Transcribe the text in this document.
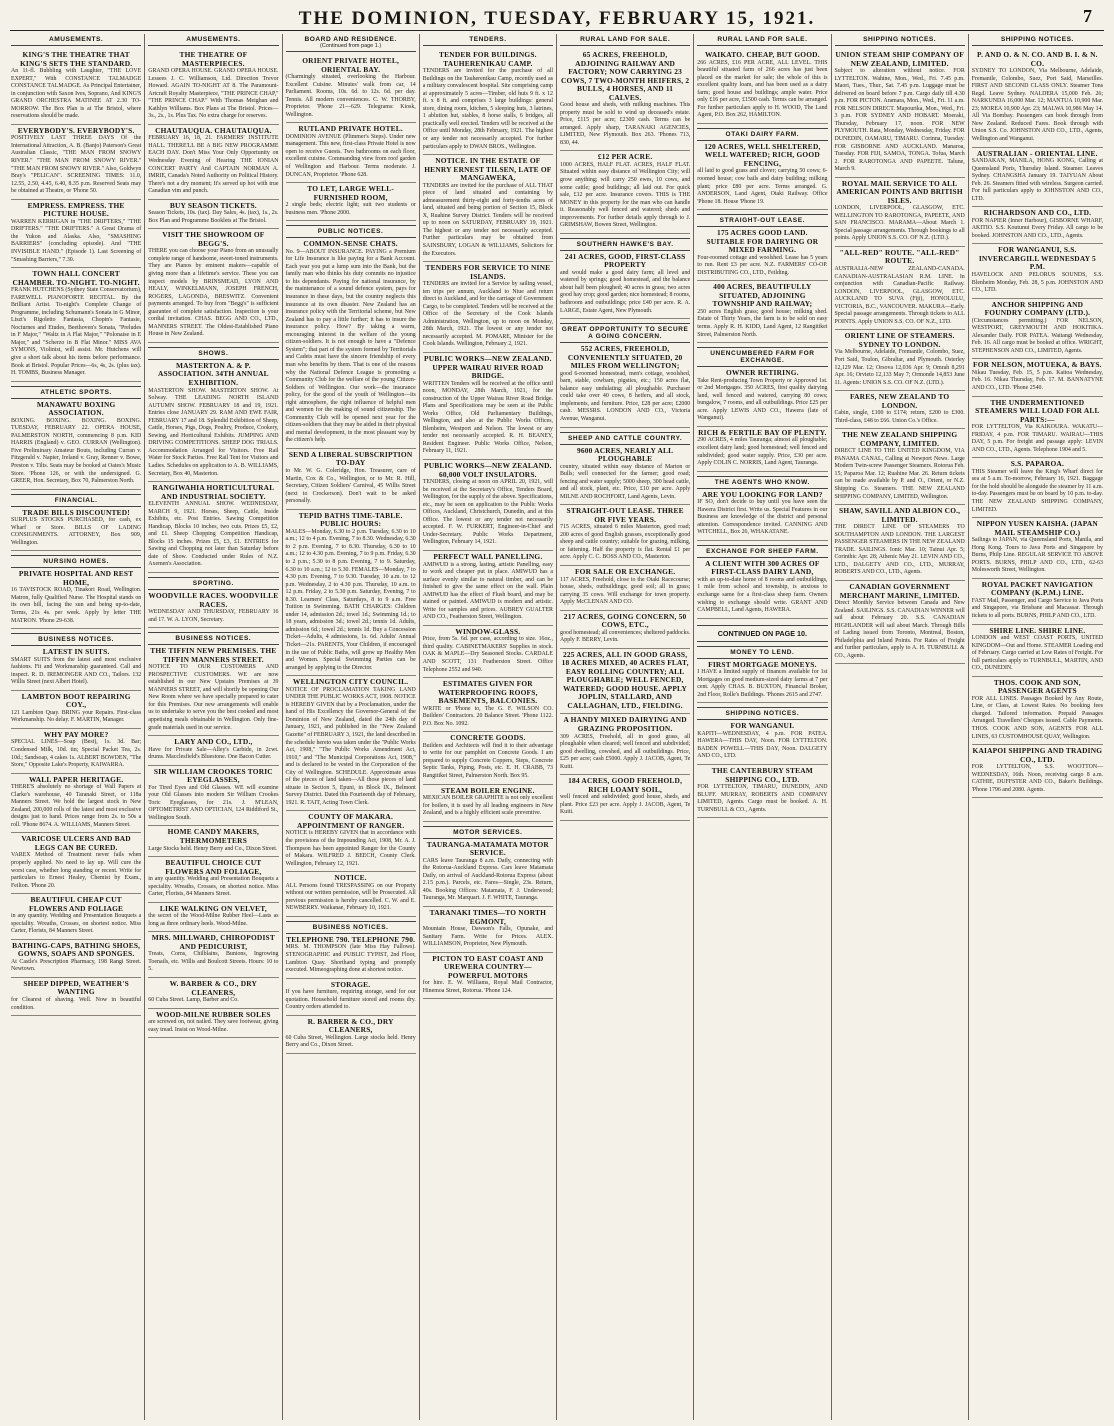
THE DOMINION, TUESDAY, FEBRUARY 15, 1921.	7
AMUSEMENTS.
KING'S THE THEATRE THAT KING'S SETS THE STANDARD.
An 11-fl. Bubbling with Laughter, "THE LOVE EXPERT," With CONSTANCE TALMADGE CONSTANCE TALMADGE. As Principal Entertainer, in conjunction with Saxon Ives, Soprano, And KING'S GRAND ORCHESTRA MATINEE AT 2.30 TO-MORROW. The Box Plan is at The Bristol, where reservations should be made.
EVERYBODY'S. EVERYBODY'S.
POSITIVELY LAST THREE DAYS Of the International Attraction, A. B. (Banjo) Paterson's Great Australian Classic, "THE MAN FROM SNOWY RIVER." "THE MAN FROM SNOWY RIVER." "THE MAN FROM SNOWY RIVER." Also, Goldwyn Bray's "PELICAN". SCREENING TIMES: 11.0, 12.55, 2.50, 4.45, 6.40, 8.35 p.m. Reserved Seats may be obtained at Theatre, or 'Phone 50.
EMPRESS. EMPRESS. THE PICTURE HOUSE.
WARREN KERRIGAN in "THE DRIFTERS," "THE DRIFTERS." "THE DRIFTERS." A Great Drama of the Yukon and Alaska. Also, "SMASHING BARRIERS" (concluding episode). And "THE INVISIBLE HAND." (Episode 1). Last Screening of "Smashing Barriers," 7.30.
TOWN HALL CONCERT CHAMBER. TO-NIGHT. TO-NIGHT.
FRANK HUTCHENS (Sydney State Conservatorium), FAREWELL PIANOFORTE RECITAL. By the Brilliant Artist. To-night's Complete Change of Programme, including Schumann's Sonata in G Minor, Liszt's Rigoletto Fantasia, Chopin's Fantasie, Nocturnes and Etudes, Beethoven's Sonata, "Preludes in F Major," "Waltz in A Flat Major," "Polonaise in E Major," and "Scherzo in B Flat Minor." MISS AVA SYMONS, Violinist, will assist. Mr. Hutchens will give a short talk about his items before performance. Book at Bristol. Popular Prices—6s, 4s, 2s. (plus tax). H. TOMBS, Business Manager.
ATHLETIC SPORTS.
MANAWATU BOXING ASSOCIATION.
BOXING. BOXING. BOXING. BOXING. TUESDAY, FEBRUARY 22. OPERA HOUSE, PALMERSTON NORTH, commencing 8 p.m. KID HARRIS (England) v. GEO. CURRAN (Wellington). Five Preliminary Amateur Bouts, including Curran v. Fitzgerald v. Napier, Ireland v. Gray, Renner v. Bowe, Preston v. Tilts. Seats may be booked at Oates's Music Store. 'Phone 126, or with the undersigned. G. GREER, Hon. Secretary, Box 70, Palmerston North.
FINANCIAL.
TRADE BILLS DISCOUNTED!
SURPLUS STOCKS PURCHASED, for cash, ex Wharf or Store. BILLS OF LADING CONSIGNMENTS. ATTORNEY, Box 909, Wellington.
NURSING HOMES.
PRIVATE HOSPITAL AND REST HOME,
16 TAVISTOCK ROAD, Tinakori Road, Wellington. Matron, fully Qualified Nurse. The Hospital stands on its own hill, facing the sun and being up-to-date, Terms, 21s 4s. per week. Apply by letter THE MATRON. 'Phone 29-638.
BUSINESS NOTICES.
LATEST IN SUITS.
SMART SUITS from the latest and most exclusive fashions. Fit and Workmanship guaranteed. Call and inspect. R. D. IREMONGER AND CO., Tailors. 132 Willis Street (next Albert Hotel).
LAMBTON BOOT REPAIRING COY.,
121 Lambton Quay. BRING your Repairs. First-class Workmanship. No delay. F. MARTIN, Manager.
WHY PAY MORE?
SPECIAL LINES—Soap (Best), 1s. 3d. Bar; Condensed Milk, 10d. tin; Special Packet Tea, 2s. 10d.; Sandsoap, 4 cakes 1s. ALBERT BOWDEN, "The Store," Opposite Lake's Property, KAIWARRA.
WALL PAPER HERITAGE.
THERE'S absolutely no shortage of Wall Papers at Clarke's warehouse, 40 Taranaki Street, or 118a Manners Street. We hold the largest stock in New Zealand, 200,000 rolls of the latest and most exclusive designs just to hand. Prices range from 2s. to 50s a roll. 'Phone 8674. A. WILLIAMS, Manners Street.
VARICOSE ULCERS AND BAD LEGS CAN BE CURED.
VAREX Method of Treatment never fails when properly applied. No need to lay up. Will cure the worst case, whether long standing or recent. Write for particulars to Ernest Healey, Chemist by Exam., Feilton. 'Phone 20.
BEAUTIFUL CHEAP CUT FLOWERS AND FOLIAGE
in any quantity. Wedding and Presentation Bouquets a speciality. Wreaths, Crosses, on shortest notice. Miss Carter, Florists, 84 Manners Street.
BATHING-CAPS, BATHING SHOES, GOWNS, SOAPS AND SPONGES.
At Castle's Prescription Pharmacy, 198 Rangi Street. Newtown.
SHEEP DIPPED, WEATHER'S WANTING
for Clearest of shaving. Well. Now in beautiful condition.
AMUSEMENTS.
THE THEATRE OF MASTERPIECES.
GRAND OPERA HOUSE. GRAND OPERA HOUSE. Lessees J. C. Williamson, Ltd. Direction Trevor Howard. AGAIN TO-NIGHT AT 8. The Paramount-Artcraft Royalty Masterpiece, "THE PRINCE CHAP," "THE PRINCE CHAP." With Thomas Meighan and Kathlyn Williams. Box Plans at The Bristol. Prices—3s., 2s., 1s. Plus Tax. No extra charge for reserves.
CHAUTAUQUA. CHAUTAUQUA.
FEBRUARY 16, 18, 21. FARMERS' INSTITUTE HALL. THERE'LL BE A BIG NEW PROGRAMME EACH DAY. Don't Miss Your Only Opportunity on Wednesday Evening of Hearing THE IONIAN CONCERT PARTY And CAPTAIN NORMAN A. IMRIE, Canada's Noted Authority on Political History. There's not a dry moment; It's served up hot with true Canadian vim and punch.
BUY SEASON TICKETS.
Season Tickets, 10s. (tax). Day Sales, 4s. (tax), 1s., 2s. Box Plan and Programme Booklets at The Bristol.
VISIT THE SHOWROOM OF BEGG'S.
THERE you can choose your Piano from an unusually complete range of handsome, sweet-toned instruments. They are Pianos by eminent makers—capable of giving more than a lifetime's service. These you can inspect models by BRINSMEAD, LYON AND HEALY, WINKELMANN, JOSEPH FRENCH, ROGERS, LAGONDA, BRESWITZ. Convenient payments arranged. To buy from "Begg's" is sufficient guarantee of complete satisfaction. Inspection is your cordial invitation. CHAS. BEGG AND CO., LTD., MANNERS STREET. The Oldest-Established Piano House in New Zealand.
SHOWS.
MASTERTON A. & P. ASSOCIATION. 34TH ANNUAL EXHIBITION.
MASTERTON SHOW. MASTERTON SHOW. At Solway. THE LEADING NORTH ISLAND AUTUMN SHOW. FEBRUARY 18 and 19, 1921. Entries close JANUARY 29. RAM AND EWE FAIR, FEBRUARY 17 and 18. Splendid Exhibition of Sheep, Cattle, Horses, Pigs, Dogs, Poultry, Produce, Cookery, Sewing, and Horticultural Exhibits. JUMPING AND DRIVING COMPETITIONS. SHEEP DOG TRIALS. Accommodation Arranged for Visitors. Free Rail Water for Stock Parties. Free Rail Tent for Visitors and Ladies. Schedules on application to A. B. WILLIAMS, Secretary, Box 40, Masterton.
RANGIWAHIA HORTICULTURAL AND INDUSTRIAL SOCIETY.
ELEVENTH ANNUAL SHOW. WEDNESDAY, MARCH 9, 1921. Horses, Sheep, Cattle, Inside Exhibits, etc. Post Entries. Sawing Competition Handicap, Blocks 10 inches, two cuts. Prizes £5, £2, and £1. Sheep Chopping Competition Handicap, Blocks 15 inches. Prizes £5, £3, £1. ENTRIES for Sawing and Chopping not later than Saturday before date of Show. Conducted under Rules of N.Z. Axemen's Association.
SPORTING.
WOODVILLE RACES. WOODVILLE RACES.
WEDNESDAY AND THURSDAY, FEBRUARY 16 and 17. W. A. LYON, Secretary.
BUSINESS NOTICES.
THE TIFFIN NEW PREMISES. THE TIFFIN MANNERS STREET.
NOTICE TO OUR CUSTOMERS AND PROSPECTIVE CUSTOMERS. WE are now established in our New Upstairs Premises at 39 MANNERS STREET, and will shortly be opening Our New Room where we have specially prepared to cater for this Premises. Our new arrangements will enable us to undertake to serve you the best cooked and most appetising meals obtainable in Wellington. Only fine-grade materials used in our service.
LARY AND CO., LTD.,
Have for Private Sale—Alley's Carbide, in 2cwt. drums. Macclesfield's Bluestone. One Bacon Cutter.
SIR WILLIAM CROOKES TORIC EYEGLASSES,
For Tired Eyes and Old Glasses. WE will examine your Old Glasses into modern Sir William Crookes Toric Eyeglasses, for 21s. J. M'LEAN, OPTOMETRIST AND OPTICIAN, 124 Riddiford St., Wellington South.
HOME CANDY MAKERS, THERMOMETERS
Large Stocks held. Henry Berry and Co., Dixon Street.
BEAUTIFUL CHOICE CUT FLOWERS AND FOLIAGE,
in any quantity. Wedding and Presentation Bouquets a speciality. Wreaths, Crosses, on shortest notice. Miss Carter, Florists, 84 Manners Street.
LIKE WALKING ON VELVET,
the secret of the Wood-Milne Rubber Heel—Lasts as long as three ordinary heels. Wood-Milne.
MRS. MILLWARD, CHIROPODIST AND PEDICURIST,
Treats, Corns, Chilblains, Bunions, Ingrowing Toenails, etc. Willis and Boulcott Streets. Hours: 10 to 5.
W. BARBER & CO., DRY CLEANERS,
60 Cuba Street. Lamp, Barber and Co.
WOOD-MILNE RUBBER SOLES
are screwed on, not nailed. They save footwear, giving easy tread. Insist on Wood-Milne.
BOARD AND RESIDENCE.
(Continued from page 1.)
ORIENT PRIVATE HOTEL, ORIENTAL BAY.
(Charmingly situated, overlooking the Harbour. Excellent Cuisine. Minutes' walk from car, 14 Parliament. Rooms, 10s. 6d. to 12s. 6d. per day. Tennis. All modern conveniences. C. W. THORBY, Proprietor. 'Phone 21—629. Telegrams: Kiosk, Wellington.
RUTLAND PRIVATE HOTEL.
DOMINION AVENUE (Plimmer's Steps). Under new management. This new, first-class Private Hotel is now open to receive Guests. Two bathrooms on each floor, excellent cuisine. Commanding view from roof garden of Wellington and Harbour. Terms moderate. J. DUNCAN, Proprietor. 'Phone 628.
TO LET, LARGE WELL-FURNISHED ROOM,
2 single beds; electric light; suit two students or business men. 'Phone 2000.
PUBLIC NOTICES.
COMMON-SENSE CHATS.
No. 9—ABOUT INSURANCE. PAYING a Premium for Life Insurance is like paying for a Bank Account. Each year you put a lump sum into the Bank, but the family man who thinks his duty commits no injustice to his dependants. Paying for national insurance, by the maintenance of a sound defence system, pays for insurance in these days, but the country neglects this insurance at its own disaster. New Zealand has an insurance policy with the Territorial scheme, but New Zealand has to pay a little further; it has to insure the insurance policy. How? By taking a warm, encouraging interest in the welfare of the young citizen-soldiers. It is not enough to have a "Defence System"; that part of the system formed by Territorials and Cadets must have the sincere friendship of every man who benefits by them. That is one of the reasons why the National Defence League is promoting a Community Club for the welfare of the young Citizen-Soldiers of Wellington. Our work—the insurance policy, for the good of the youth of Wellington—its right atmosphere, the right influence of helpful men and women for the making of sound citizenship. The Community Club will be opened next year for the citizen-soldiers that they may be aided in their physical and mental development, in the most pleasant way by the citizen's help.
SEND A LIBERAL SUBSCRIPTION TO-DAY
to Mr. W. G. Coleridge, Hon. Treasurer, care of Martin, Cox & Co., Wellington, or to Mr. R. Hill, Secretary, Citizen Soldiers' Carnival, 45 Willis Street (next to Crockerson). Don't wait to be asked personally.
TEPID BATHS TIME-TABLE. PUBLIC HOURS:
MALES—Monday, 6.30 to 2 p.m. Tuesday, 6.30 to 10 a.m.; 12 to 4 p.m. Evening, 7 to 8.30. Wednesday, 6.30 to 2 p.m. Evening, 7 to 8.30. Thursday, 6.30 to 10 a.m.; 12 to 4.30 p.m. Evening, 7 to 9 p.m. Friday, 6.30 to 2 p.m.; 5.30 to 8 p.m. Evening, 7 to 9. Saturday, 6.30 to 10 a.m.; 12 to 5.30. FEMALES—Monday, 7 to 4.30 p.m. Evening, 7 to 9.30. Tuesday, 10 a.m. to 12 p.m. Wednesday, 2 to 4.30 p.m. Thursday, 10 a.m. to 12 p.m. Friday, 2 to 5.30 p.m. Saturday, Evening, 7 to 8.30. Learners' Class, Saturdays, 8 to 9 a.m. Free Tuition in Swimming. BATH CHARGES: Children under 14, admission 2d.; towel 1d.; Swimming 1d.; to 18 years, admission 3d.; towel 2d.; tennis 1d. Adults, admission 6d.; towel 2d.; tennis 1d. Buy a Concession Ticket—Adults, 4 admissions, 1s. 6d. Adults' Annual Ticket—21s. PARENTS, Your Children, if encouraged in the use of Public Baths, will grow up Healthy Men and Women. Special Swimming Parties can be arranged by applying to the Director.
WELLINGTON CITY COUNCIL.
NOTICE OF PROCLAMATION TAKING LAND UNDER THE PUBLIC WORKS ACT, 1908. NOTICE is HEREBY GIVEN that by a Proclamation, under the hand of His Excellency the Governor-General of the Dominion of New Zealand, dated the 24th day of January, 1921, and published in the "New Zealand Gazette" of FEBRUARY 3, 1921, the land described in the schedule hereto was taken under the "Public Works Act, 1908," "The Public Works Amendment Act, 1910," and "The Municipal Corporations Act, 1908," and is declared to be vested in the Corporation of the City of Wellington. SCHEDULE. Approximate areas of the pieces of land taken—All those pieces of land situate in Section 5, Epuni, in Block IX., Belmont Survey District. Dated this Fourteenth day of February, 1921. R. TAIT, Acting Town Clerk.
COUNTY OF MAKARA. APPOINTMENT OF RANGER.
NOTICE is HEREBY GIVEN that in accordance with the provisions of the Impounding Act, 1908, Mr. A. J. Thompson has been appointed Ranger for the County of Makara. WILFRED J. BEECH, County Clerk. Wellington, February 12, 1921.
NOTICE.
ALL Persons found TRESPASSING on our Property without our written permission, will be Prosecuted. All previous permission is hereby cancelled. C. W. and E. NEWBERRY. Waikanae, February 10, 1921.
BUSINESS NOTICES.
TELEPHONE 790. TELEPHONE 790.
MRS. M. THOMPSON (late Miss Hay Fallows). STENOGRAPHIC and PUBLIC TYPIST, 2nd Floor, Lambton Quay. Shorthand typing and promptly executed. Mimeographing done at shortest notice.
STORAGE.
If you have furniture, requiring storage, send for our quotation. Household furniture stored and rooms dry. Country orders attended to.
R. BARBER & CO., DRY CLEANERS,
60 Cuba Street, Wellington. Large stocks held. Henry Berry and Co., Dixon Street.
TENDERS.
TENDER FOR BUILDINGS. TAUHERENIKAU CAMP.
TENDERS are invited for the purchase of all Buildings on the Tauherenikau Camp, recently used as a military convalescent hospital. Site comprising camp at approximately 5 acres—Timber, old huts 9 ft. x 12 ft. x 8 ft. and comprises 3 large buildings: general store, dining room, kitchen, 5 sleeping huts, 3 latrines, 1 ablution hut, stables, 8 horse stalls, 6 bridges, all practically well erected. Tenders will be received at the Office until Monday, 28th February, 1921. The highest or any tender not necessarily accepted. For further particulars apply to DWAN BROS., Wellington.
NOTICE. IN THE ESTATE OF HENRY ERNEST TILSEN, LATE OF MANGAWEKA,
TENDERS are invited for the purchase of ALL THAT piece of land situated and containing by admeasurement thirty-eight and forty-tenths acres of land, situated and being portion of Section 15, Block X, Ruahine Survey District. Tenders will be received up to noon on SATURDAY, FEBRUARY 19, 1921. The highest or any tender not necessarily accepted. Further particulars may be obtained from SAINSBURY, LOGAN & WILLIAMS, Solicitors for the Executors.
TENDERS FOR SERVICE TO NINE ISLANDS.
TENDERS are invited for a Service by sailing vessel, ten trips per annum, Auckland to Niue and return direct to Auckland, and for the carriage of Government Cargo, to be completed. Tenders will be received at the Office of the Secretary of the Cook Islands Administration, Wellington, up to noon on Monday, 28th March, 1921. The lowest or any tender not necessarily accepted. M. POMARE, Minister for the Cook Islands. Wellington, February 2, 1921.
PUBLIC WORKS—NEW ZEALAND. UPPER WAIRAU RIVER ROAD BRIDGE.
WRITTEN Tenders will be received at the office until noon, MONDAY, 28th March, 1921, for the construction of the Upper Wairau River Road Bridge. Plans and Specifications may be seen at the Public Works Office, Old Parliamentary Buildings, Wellington, and also at the Public Works Offices, Blenheim, Westport and Nelson. The lowest or any tender not necessarily accepted. R. H. BEANEY, Resident Engineer. Public Works Office, Nelson, February 11, 1921.
PUBLIC WORKS—NEW ZEALAND. 60,000 VOLT INSULATORS.
TENDERS, closing at noon on APRIL 20, 1921, will be received at the Secretary's Office, Tenders Board, Wellington, for the supply of the above. Specifications, etc., may be seen on application to the Public Works Offices, Auckland, Christchurch, Dunedin, and at this Office. The lowest or any tender not necessarily accepted. F. W. FURKERT, Engineer-in-Chief and Under-Secretary. Public Works Department, Wellington, February 14, 1921.
PERFECT WALL PANELLING.
AMIWUD is a strong, lasting, artistic Panelling, easy to work and cheaper put in place. AMIWUD has a surface evenly similar to natural timber, and can be finished to give the same effect on the wall. Plain AMIWUD has the effect of Flush board, and may be stained or painted. AMIWUD is modern and artistic. Write for samples and prices. AUBREY GUALTER AND CO., Featherston Street, Wellington.
WINDOW-GLASS.
Price, from 5s. 6d. per case, according to size. 16oz., third quality. CABINETMAKERS' Supplies in stock. OAK & MAPLE—Dry Seasoned Stocks. CARDALE AND SCOTT, 131 Featherston Street. Office Telephone 2552 and 940.
ESTIMATES GIVEN FOR WATERPROOFING ROOFS, BASEMENTS, BALCONIES.
WRITE or 'Phone to, The G. F. WILSON CO. Builders' Contractors. 20 Balance Street. 'Phone 1122. P.O. Box No. 1092.
CONCRETE GOODS.
Builders and Architects will find it to their advantage to write for our pamphlet on Concrete Goods. I am prepared to supply Concrete Coppers, Steps, Concrete Septic Tanks, Piping, Posts, etc. E. H. CRABB, 73 Rangitikei Street, Palmerston North. Box 95.
STEAM BOILER ENGINE.
MEXICAN BOILER GRAPHITE is not only excellent for boilers, it is used by all leading engineers in New Zealand, and is a highly efficient scale preventive.
MOTOR SERVICES.
TAURANGA-MATAMATA MOTOR SERVICE.
CARS leave Tauranga 8 a.m. Daily, connecting with the Rotorua-Auckland Express. Cars leave Matamata Daily, on arrival of Auckland-Rotorua Express (about 2.15 p.m.). Parcels, etc. Fares—Single, 23s. Return, 40s. Booking Offices: Matamata, F. J. Underwood; Tauranga, Mr. Marquart. J. F. WHITE, Tauranga.
TARANAKI TIMES—TO NORTH EGMONT,
Mountain House, Dawson's Falls, Opunake, and Sanitary Farm. Write for Prices. ALEX. WILLIAMSON, Proprietor, New Plymouth.
PICTON TO EAST COAST AND UREWERA COUNTRY—POWERFUL MOTORS
for hire. E. W. Williams, Royal Mail Contractor, Hinemoa Street, Rotorua. 'Phone 124.
RURAL LAND FOR SALE.
65 ACRES, FREEHOLD, ADJOINING RAILWAY AND FACTORY; NOW CARRYING 23 COWS, 7 TWO-MONTH HEIFERS, 2 BULLS, 4 HORSES, AND 11 CALVES.
Good house and sheds, with milking machines. This property must be sold to wind up deceased's estate. Price, £115 per acre; £2300 cash. Terms can be arranged. Apply sharp, TARANAKI AGENCIES, LIMITED, New Plymouth. Box 263. 'Phones 713, 830, 44.
£12 PER ACRE.
1000 ACRES, HALF FLAT. ACRES, HALF FLAT. Situated within easy distance of Wellington City; will grow anything; will carry 250 ewes, 10 cows, and some cattle; good buildings; all laid out. For quick sale, £12 per acre. Insurance covers. THIS is THE MONEY in this property for the man who can handle it. Reasonably well fenced and watered; sheds and improvements. For further details apply through to J. GRIMSHAW, Bowen Street, Wellington.
SOUTHERN HAWKE'S BAY.
241 ACRES, GOOD, FIRST-CLASS PROPERTY
and would make a good dairy farm; all level and watered by springs; good homestead, and the balance about half been ploughed; 40 acres in grass; two acres good hay crop; good garden; nice homestead; 8 rooms, bathroom and outbuildings; price £40 per acre. R. A. LARGE, Estate Agent, New Plymouth.
GREAT OPPORTUNITY TO SECURE A GOING CONCERN.
552 ACRES, FREEHOLD, CONVENIENTLY SITUATED, 20 MILES FROM WELLINGTON;
good 6-roomed homestead, men's cottage, woolshed, barn, stable, cowbarn, pigsties, etc.; 150 acres flat, balance easy undulating; all ploughable. Purchaser could take over 40 cows, 8 heifers, and all stock, implements, and furniture. Price, £28 per acre; £2000 cash. MESSRS. LONDON AND CO., Victoria Avenue, Wanganui.
SHEEP AND CATTLE COUNTRY.
9600 ACRES, NEARLY ALL PLOUGHABLE
country, situated within easy distance of Marton or Bulls; well connected for the farmer; good road; fencing and water supply; 5000 sheep, 300 head cattle, and all stock, plant, etc. Price, £10 per acre. Apply MILNE AND ROCHFORT, Land Agents, Levin.
STRAIGHT-OUT LEASE. THREE OR FIVE YEARS.
715 ACRES, situated 6 miles Masterton, good road; 200 acres of good English grasses, exceptionally good sheep and cattle country; suitable for grazing, milking, or fattening. Half the property is flat. Rental £1 per acre. Apply C. C. BOSS AND CO., Masterton.
FOR SALE OR EXCHANGE.
117 ACRES, Freehold, close to the Otaki Racecourse; house, sheds, outbuildings; good soil; all in grass; carrying 35 cows. Will exchange for town property. Apply McCLENAN AND CO.
217 ACRES, GOING CONCERN, 50 COWS, ETC.,
good homestead; all conveniences; sheltered paddocks. Apply F. BERRY, Levin.
225 ACRES, ALL IN GOOD GRASS, 18 ACRES MIXED, 40 ACRES FLAT, EASY ROLLING COUNTRY; ALL PLOUGHABLE; WELL FENCED, WATERED; GOOD HOUSE. APPLY JOPLIN, STALLARD, AND CALLAGHAN, LTD., FIELDING.
A HANDY MIXED DAIRYING AND GRAZING PROPOSITION.
309 ACRES, Freehold, all in good grass, all ploughable when cleared; well fenced and subdivided; good dwelling, cowshed, and all outbuildings. Price, £25 per acre; cash £5000. Apply J. JACOB, Agent, Te Kuiti.
184 ACRES, GOOD FREEHOLD, RICH LOAMY SOIL,
well fenced and subdivided; good house, sheds, and plant. Price £23 per acre. Apply J. JACOB, Agent, Te Kuiti.
RURAL LAND FOR SALE.
WAIKATO. CHEAP, BUT GOOD.
266 ACRES, £16 PER ACRE, ALL LEVEL. THIS beautiful situated farm of 266 acres has just been placed on the market for sale; the whole of this is excellent quality loam, and has been used as a dairy farm; good house and buildings; ample water. Price only £16 per acre, £1500 cash. Terms can be arranged. For further particulars apply to H. WOOD, The Land Agent, P.O. Box 262, HAMILTON.
OTAKI DAIRY FARM.
120 ACRES, WELL SHELTERED, WELL WATERED; RICH, GOOD FENCING,
all laid to good grass and clover; carrying 50 cows; 6-roomed house; cow bails and dairy building; milking plant; price £80 per acre. Terms arranged. G. ANDERSON, Land Agent, Otaki Railway. Office 'Phone 18. House 'Phone 19.
STRAIGHT-OUT LEASE.
175 ACRES GOOD LAND. SUITABLE FOR DAIRYING OR MIXED FARMING.
Four-roomed cottage and woolshed. Lease has 5 years to run. Rent £3 per acre. N.Z. FARMERS' CO-OP. DISTRIBUTING CO., LTD., Feilding.
400 ACRES, BEAUTIFULLY SITUATED, ADJOINING TOWNSHIP AND RAILWAY;
250 acres English grass; good house; milking shed. Estate of Thirty Years, the farm is to be sold on easy terms. Apply R. H. KIDD, Land Agent, 12 Rangitikei Street, Palmerston North.
UNENCUMBERED FARM FOR EXCHANGE.
OWNER RETIRING.
Take Rent-producing Town Property or Approved 1st. or 2nd Mortgages. 350 ACRES, first quality dairying land, well fenced and watered, carrying 80 cows; bungalow, 7 rooms, and all outbuildings. Price £25 per acre. Apply LEWIS AND CO., Hawera (late of Wanganui).
RICH & FERTILE BAY OF PLENTY.
290 ACRES, 4 miles Tauranga; almost all ploughable; excellent dairy land; good homestead; well fenced and subdivided; good water supply. Price, £30 per acre. Apply COLIN C. NORRIS, Land Agent, Tauranga.
THE AGENTS WHO KNOW.
ARE YOU LOOKING FOR LAND?
IF SO, don't decide to buy until you have seen the Hawera District first. Write us. Special Features in our Business are knowledge of the district and personal attention. Correspondence invited. CANNING AND WITCHELL, Box 26, WHAKATANE.
EXCHANGE FOR SHEEP FARM.
A CLIENT WITH 300 ACRES OF FIRST-CLASS DAIRY LAND,
with an up-to-date home of 8 rooms and outbuildings, 1 mile from school and township, is anxious to exchange same for a first-class sheep farm. Owners wishing to exchange should write. GRANT AND CAMPBELL, Land Agents, HAWERA.
CONTINUED ON PAGE 10.
MONEY TO LEND.
FIRST MORTGAGE MONEYS.
I HAVE a limited supply of finances available for 1st Mortgages on good medium-sized dairy farms at 7 per cent. Apply CHAS. B. BUXTON, Financial Broker, 2nd Floor, Rolle's Buildings. 'Phones 2615 and 2747.
SHIPPING NOTICES.
FOR WANGANUI.
KAPITI—WEDNESDAY, 4 p.m. FOR PATEA. HAWERA—THIS DAY, Noon. FOR LYTTELTON. BADEN POWELL—THIS DAY, Noon. DALGETY AND CO., LTD.
THE CANTERBURY STEAM SHIPPING CO., LTD.
FOR LYTTELTON, TIMARU, DUNEDIN, AND BLUFF. MURRAY, ROBERTS AND COMPANY LIMITED, Agents. Cargo must be booked. A. H. TURNBULL & CO., Agents.
SHIPPING NOTICES.
UNION STEAM SHIP COMPANY OF NEW ZEALAND, LIMITED.
Subject to alteration without notice. FOR LYTTELTON. Wahine, Mon., Wed., Fri. 7.45 p.m. Maori, Tues., Thur., Sat. 7.45 p.m. Luggage must be delivered on board before 7 p.m. Cargo daily till 4.30 p.m. FOR PICTON. Aramara, Mon., Wed., Fri. 11 a.m. FOR NELSON DIRECT. Mapourika, Mon., Wed., Fri. 3 p.m. FOR SYDNEY AND HOBART. Moeraki, Thursday, February 17, noon. FOR NEW PLYMOUTH. Rata, Monday, Wednesday, Friday. FOR DUNEDIN, OAMARU, TIMARU. Corinna, Tuesday. FOR GISBORNE AND AUCKLAND. Manaroa, Tuesday. FOR FIJI, SAMOA, TONGA. Tofua, March 2. FOR RAROTONGA AND PAPEETE. Talune, March 9.
ROYAL MAIL SERVICE TO ALL AMERICAN POINTS AND BRITISH ISLES.
LONDON, LIVERPOOL, GLASGOW, ETC. WELLINGTON TO RAROTONGA, PAPEETE, AND SAN FRANCISCO. MARAMA—About March 1. Special passage arrangements. Through bookings to all points. Apply UNION S.S. CO. OF N.Z. (LTD.).
"ALL-RED" ROUTE. "ALL-RED" ROUTE.
AUSTRALIA-NEW ZEALAND-CANADA. CANADIAN-AUSTRALASIAN R.M. LINE. In conjunction with Canadian-Pacific Railway. LONDON, LIVERPOOL, GLASGOW, ETC. AUCKLAND TO SUVA (Fiji), HONOLULU, VICTORIA, B.C., VANCOUVER. MAKURA—Early. Special passage arrangements. Through tickets to ALL POINTS. Apply UNION S.S. CO. OF N.Z., LTD.
ORIENT LINE OF STEAMERS. SYDNEY TO LONDON.
Via Melbourne, Adelaide, Fremantle, Colombo, Suez, Port Said, Toulon, Gibraltar, and Plymouth. Osterley 12,129 Mar. 12; Orsova 12,036 Apr. 9; Omrah 8,291 Apr. 16; Orvieto 12,133 May 7; Ormonde 14,853 June 11. Agents: UNION S.S. CO. OF N.Z. (LTD.).
FARES, NEW ZEALAND TO LONDON.
Cabin, single, £100 to £174; return, £200 to £300. Third-class, £48 to £66. Union Co.'s Office.
THE NEW ZEALAND SHIPPING COMPANY, LIMITED.
DIRECT LINE TO THE UNITED KINGDOM, VIA PANAMA CANAL, Calling at Newport News. Large Modern Twin-screw Passenger Steamers. Rotorua Feb. 15; Paparoa Mar. 12; Ruahine Mar. 26. Return tickets can be made available by P. and O., Orient, or N.Z. Shipping Co. Steamers. THE NEW ZEALAND SHIPPING COMPANY, LIMITED, Wellington.
SHAW, SAVILL AND ALBION CO., LIMITED.
THE DIRECT LINE OF STEAMERS TO SOUTHAMPTON AND LONDON. THE LARGEST PASSENGER STEAMERS IN THE NEW ZEALAND TRADE. SAILINGS. Ionic Mar. 10; Tainui Apr. 5; Corinthic Apr. 28; Athenic May 21. LEVIN AND CO., LTD., DALGETY AND CO., LTD., MURRAY, ROBERTS AND CO., LTD., Agents.
CANADIAN GOVERNMENT MERCHANT MARINE, LIMITED.
Direct Monthly Service between Canada and New Zealand. SAILINGS. S.S. CANADIAN WINNER will sail about February 20. S.S. CANADIAN HIGHLANDER will sail about March. Through Bills of Lading issued from Toronto, Montreal, Boston, Philadelphia and Inland Points. For Rates of Freight and further particulars, apply to A. H. TURNBULL & CO., Agents.
SHIPPING NOTICES.
P. AND O. & N. CO. AND B. I. & N. CO.
SYDNEY TO LONDON, Via Melbourne, Adelaide, Fremantle, Colombo, Suez, Port Said, Marseilles. FIRST AND SECOND CLASS ONLY. Steamer Tons Regd. Leave Sydney. NALDERA 15,000 Feb. 26; NARKUNDA 16,000 Mar. 12; MANTUA 10,900 Mar. 23; MOREA 10,900 Apr. 23; MALWA 10,986 May 14. All Via Bombay. Passengers can book through from New Zealand. Reduced Fares. Book through with Union S.S. Co. JOHNSTON AND CO., LTD., Agents, Wellington and Wanganui.
AUSTRALIAN - ORIENTAL LINE.
SANDAKAN, MANILA, HONG KONG, Calling at Queensland Ports, Thursday Island. Steamer. Leaves Sydney. CHANGSHA January 19. TAIYUAN About Feb. 26. Steamers fitted with wireless. Surgeon carried. For full particulars apply to JOHNSTON AND CO., LTD.
RICHARDSON AND CO., LTD.
FOR NAPIER (Inner Harbour), GISBORNE WHARF, AKITIO. S.S. Koutunui Every Friday. All cargo to be booked. JOHNSTON AND CO., LTD., Agents.
FOR WANGANUI, S.S. INVERCARGILL WEDNESDAY 5 P.M.
HAVELOCK AND PELORUS SOUNDS, S.S. Blenheim Monday, Feb. 28, 5 p.m. JOHNSTON AND CO., LTD.
ANCHOR SHIPPING AND FOUNDRY COMPANY (LTD.).
(Circumstances permitting.) FOR NELSON, WESTPORT, GREYMOUTH AND HOKITIKA. Alexander Daily. FOR PATEA. Waitangi Wednesday, Feb. 16. All cargo must be booked at office. WRIGHT, STEPHENSON AND CO., LIMITED, Agents.
FOR NELSON, MOTUEKA, & BAYS.
Nikau Tuesday, Feb. 15, 5 p.m. Kaitoa Wednesday, Feb. 16. Nikau Thursday, Feb. 17. M. BANNATYNE AND CO., LTD. 'Phone 2540.
THE UNDERMENTIONED STEAMERS WILL LOAD FOR ALL PARTS:—
FOR LYTTELTON, Via KAIKOURA. WAKATU—FRIDAY, 4 p.m. FOR TIMARU. WAIRAU—THIS DAY, 5 p.m. For freight and passage apply: LEVIN AND CO., LTD., Agents. Telephone 1904 and 5.
S.S. PAPAROA.
THIS Steamer will leave the King's Wharf direct for sea at 5 a.m. To-morrow, February 16, 1921. Baggage for the hold should be alongside the steamer by 11 a.m. to-day. Passengers must be on board by 10 p.m. to-day. THE NEW ZEALAND SHIPPING COMPANY, LIMITED.
NIPPON YUSEN KAISHA. (JAPAN MAIL STEAMSHIP CO.)
Sailings to JAPAN, via Queensland Ports, Manila, and Hong Kong. Tours to Java Ports and Singapore by Burns, Philp Line. REGULAR SERVICE TO ABOVE PORTS. BURNS, PHILP AND CO., LTD., 62-63 Molesworth Street, Wellington.
ROYAL PACKET NAVIGATION COMPANY (K.P.M.) LINE.
FAST Mail, Passenger, and Cargo Service to Java Ports and Singapore, via Brisbane and Macassar. Through tickets to all ports. BURNS, PHILP AND CO., LTD.
SHIRE LINE. SHIRE LINE.
LONDON and WEST COAST PORTS, UNITED KINGDOM—Out and Home. STEAMER Loading end of February. Cargo carried at Low Rates of Freight. For full particulars apply to TURNBULL, MARTIN, AND CO., DUNEDIN.
THOS. COOK AND SON, PASSENGER AGENTS
FOR ALL LINES. Passages Booked by Any Route, Line, or Class, at Lowest Rates. No booking fees charged. Tailored information. Prepaid Passages Arranged. Travellers' Cheques issued. Cable Payments. THOS. COOK AND SON, AGENTS FOR ALL LINES, 63 CUSTOMHOUSE QUAY, Wellington.
KAIAPOI SHIPPING AND TRADING CO., LTD.
FOR LYTTELTON, S.S. WOOTTON—WEDNESDAY, 16th. Noon, receiving cargo 8 a.m. CATHIE, DUFFSTER AND CO., Baker's Buildings. 'Phone 1796 and 2080. Agents.
